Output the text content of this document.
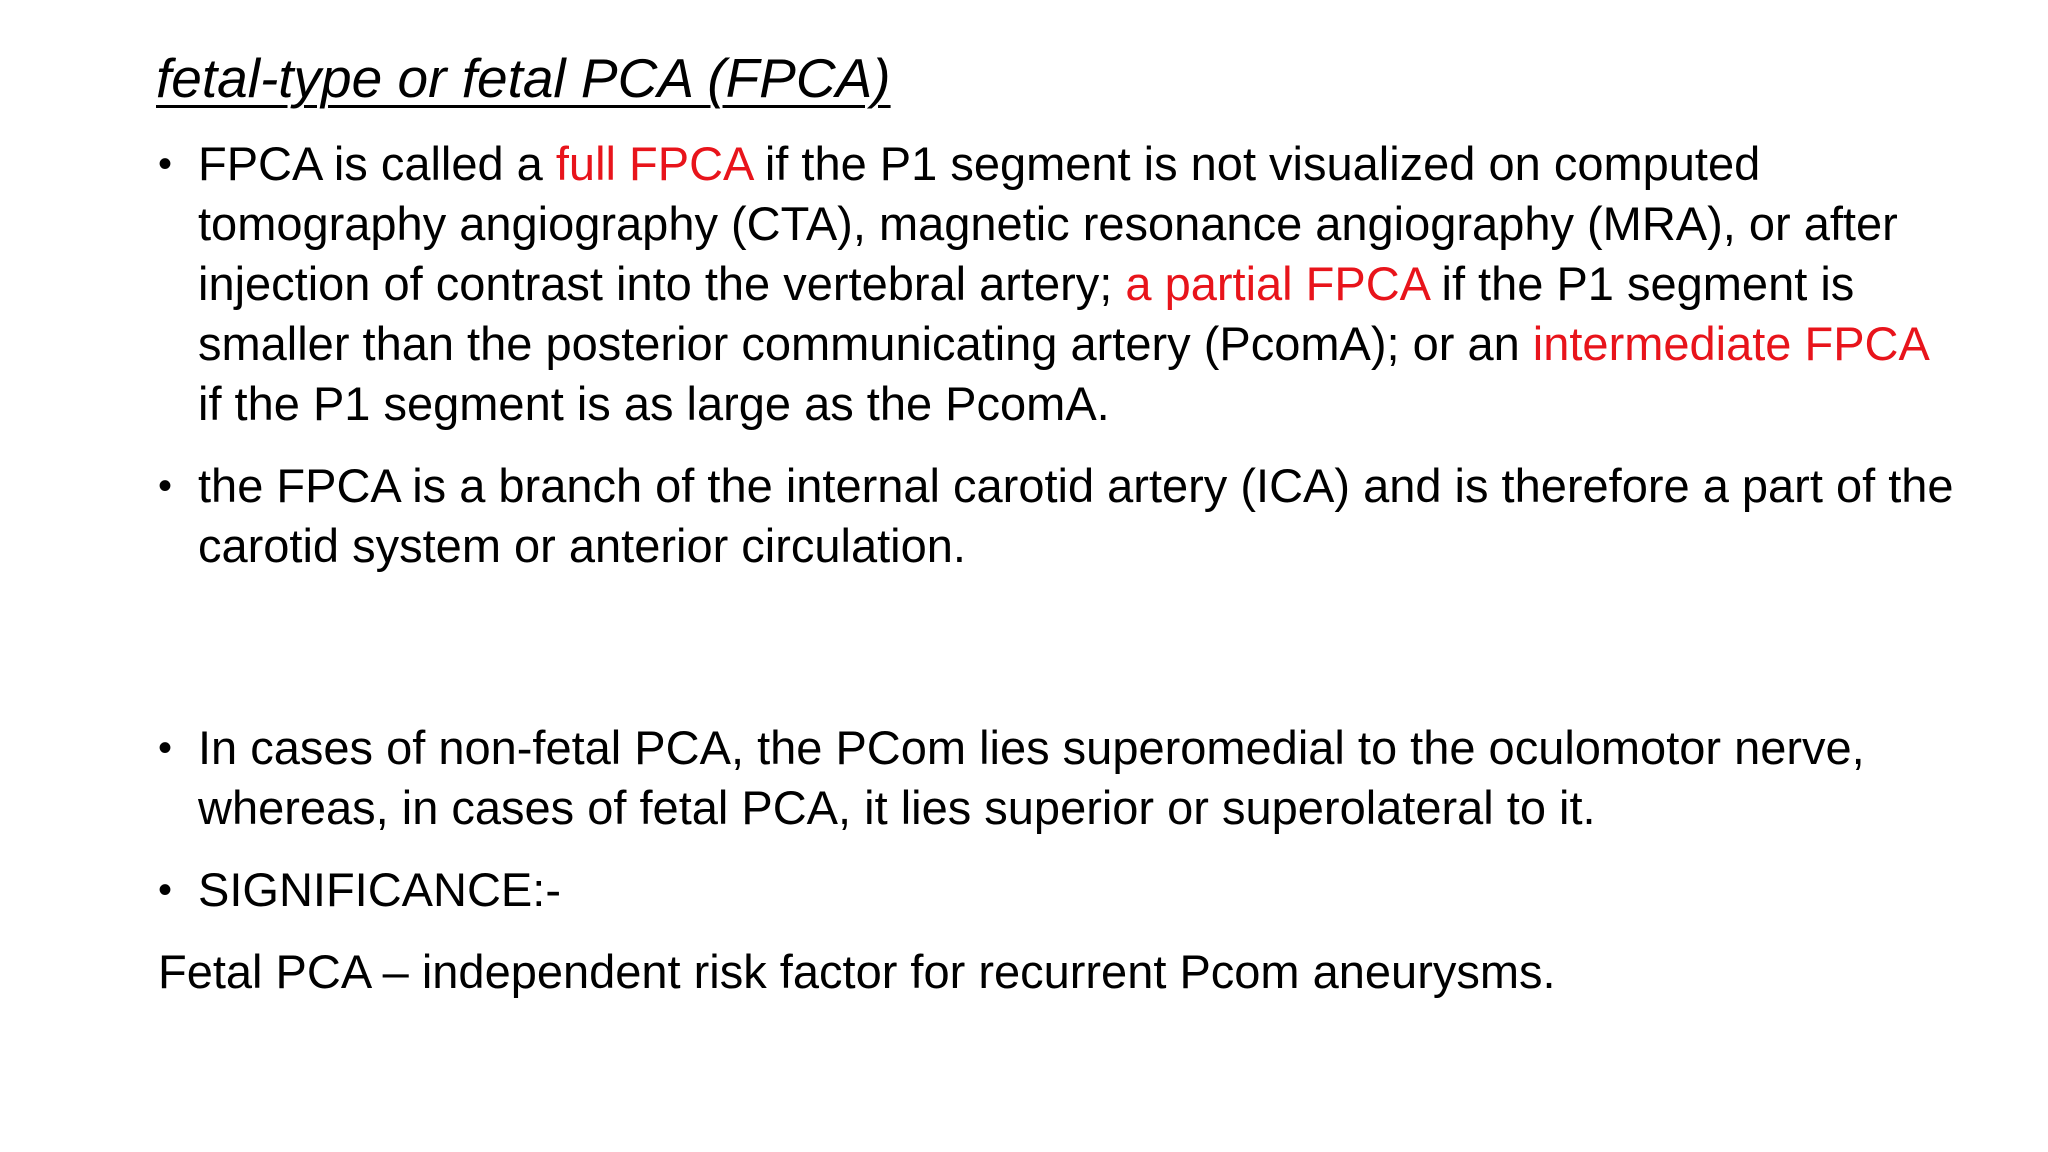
fetal-type or fetal PCA (FPCA)
• FPCA is called a full FPCA if the P1 segment is not visualized on computed tomography angiography (CTA), magnetic resonance angiography (MRA), or after injection of contrast into the vertebral artery; a partial FPCA if the P1 segment is smaller than the posterior communicating artery (PcomA); or an intermediate FPCA if the P1 segment is as large as the PcomA.
• the FPCA is a branch of the internal carotid artery (ICA) and is therefore a part of the carotid system or anterior circulation.
• In cases of non-fetal PCA, the PCom lies superomedial to the oculomotor nerve, whereas, in cases of fetal PCA, it lies superior or superolateral to it.
• SIGNIFICANCE:-
Fetal PCA – independent risk factor for recurrent Pcom aneurysms.
